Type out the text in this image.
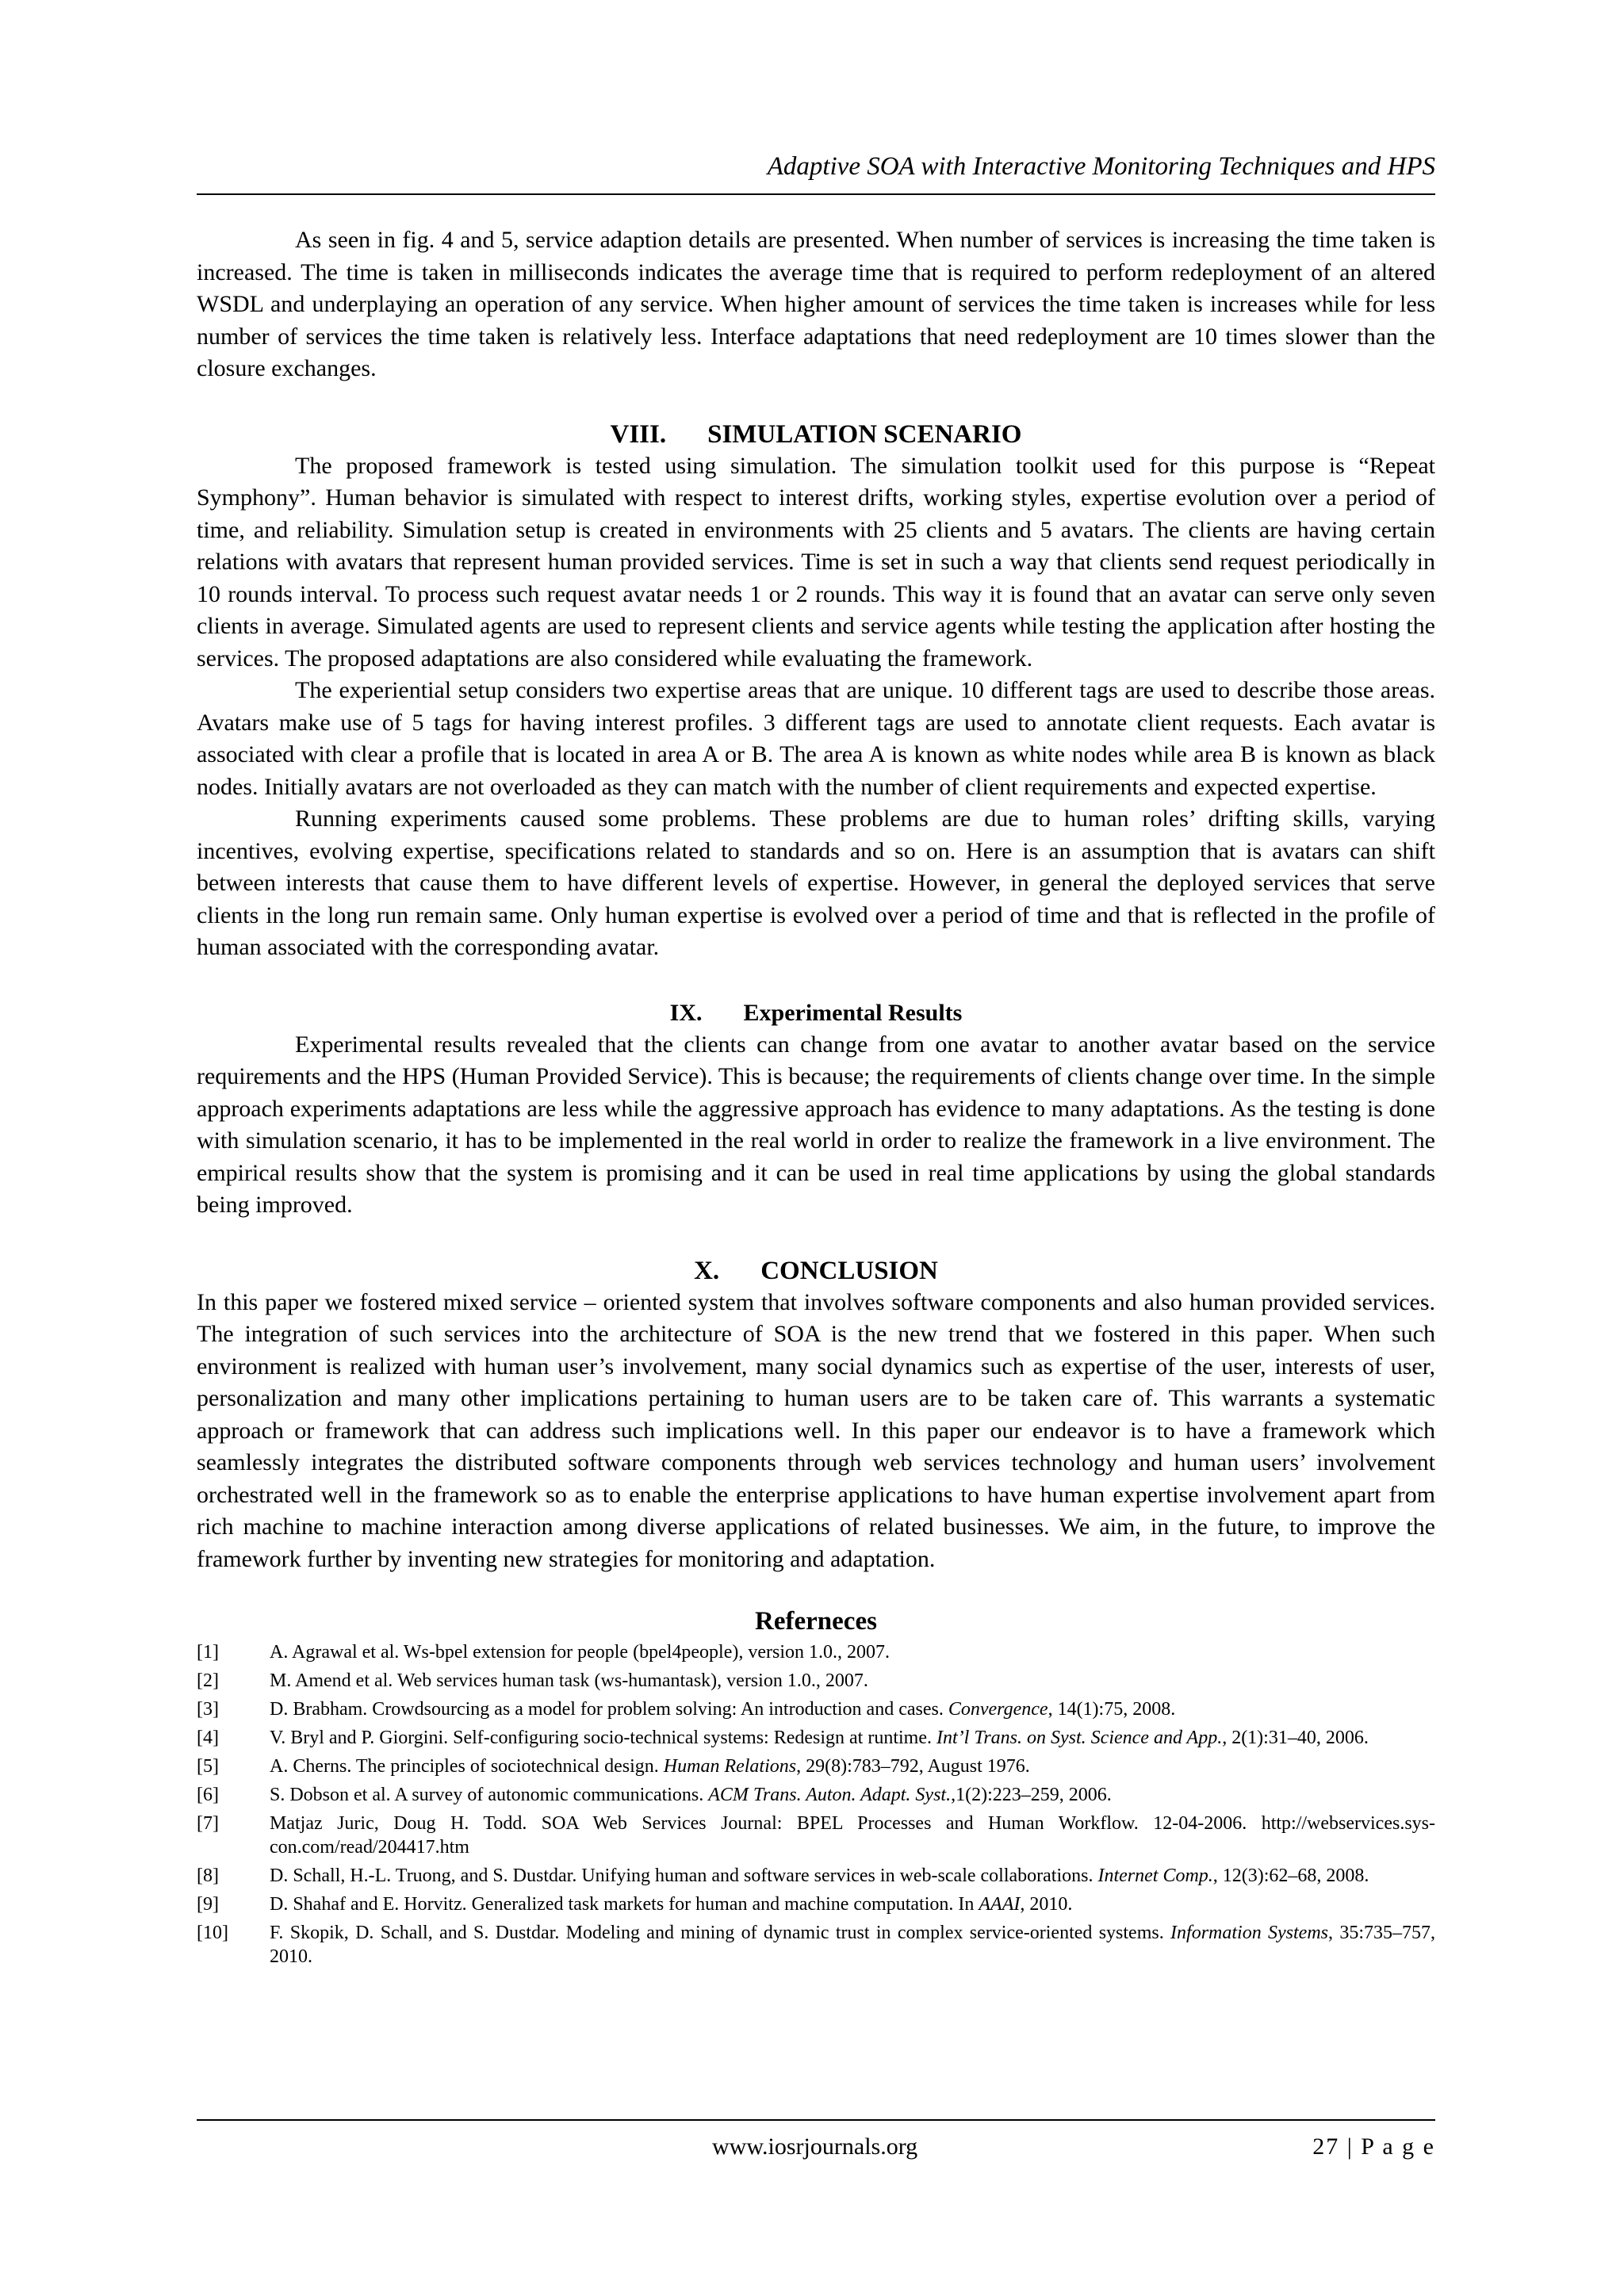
Adaptive SOA with Interactive Monitoring Techniques and HPS

As seen in fig. 4 and 5, service adaption details are presented. When number of services is increasing the time taken is increased. The time is taken in milliseconds indicates the average time that is required to perform redeployment of an altered WSDL and underplaying an operation of any service. When higher amount of services the time taken is increases while for less number of services the time taken is relatively less. Interface adaptations that need redeployment are 10 times slower than the closure exchanges.

VIII. SIMULATION SCENARIO

The proposed framework is tested using simulation. The simulation toolkit used for this purpose is “Repeat Symphony”. Human behavior is simulated with respect to interest drifts, working styles, expertise evolution over a period of time, and reliability. Simulation setup is created in environments with 25 clients and 5 avatars. The clients are having certain relations with avatars that represent human provided services. Time is set in such a way that clients send request periodically in 10 rounds interval. To process such request avatar needs 1 or 2 rounds. This way it is found that an avatar can serve only seven clients in average. Simulated agents are used to represent clients and service agents while testing the application after hosting the services. The proposed adaptations are also considered while evaluating the framework.

The experiential setup considers two expertise areas that are unique. 10 different tags are used to describe those areas. Avatars make use of 5 tags for having interest profiles. 3 different tags are used to annotate client requests. Each avatar is associated with clear a profile that is located in area A or B. The area A is known as white nodes while area B is known as black nodes. Initially avatars are not overloaded as they can match with the number of client requirements and expected expertise.

Running experiments caused some problems. These problems are due to human roles’ drifting skills, varying incentives, evolving expertise, specifications related to standards and so on. Here is an assumption that is avatars can shift between interests that cause them to have different levels of expertise. However, in general the deployed services that serve clients in the long run remain same. Only human expertise is evolved over a period of time and that is reflected in the profile of human associated with the corresponding avatar.

IX. Experimental Results

Experimental results revealed that the clients can change from one avatar to another avatar based on the service requirements and the HPS (Human Provided Service). This is because; the requirements of clients change over time. In the simple approach experiments adaptations are less while the aggressive approach has evidence to many adaptations. As the testing is done with simulation scenario, it has to be implemented in the real world in order to realize the framework in a live environment. The empirical results show that the system is promising and it can be used in real time applications by using the global standards being improved.

X. CONCLUSION

In this paper we fostered mixed service – oriented system that involves software components and also human provided services. The integration of such services into the architecture of SOA is the new trend that we fostered in this paper. When such environment is realized with human user’s involvement, many social dynamics such as expertise of the user, interests of user, personalization and many other implications pertaining to human users are to be taken care of. This warrants a systematic approach or framework that can address such implications well. In this paper our endeavor is to have a framework which seamlessly integrates the distributed software components through web services technology and human users’ involvement orchestrated well in the framework so as to enable the enterprise applications to have human expertise involvement apart from rich machine to machine interaction among diverse applications of related businesses. We aim, in the future, to improve the framework further by inventing new strategies for monitoring and adaptation.

Referneces
[1]	A. Agrawal et al. Ws-bpel extension for people (bpel4people), version 1.0., 2007.
[2]	M. Amend et al. Web services human task (ws-humantask), version 1.0., 2007.
[3]	D. Brabham. Crowdsourcing as a model for problem solving: An introduction and cases. Convergence, 14(1):75, 2008.
[4]	V. Bryl and P. Giorgini. Self-configuring socio-technical systems: Redesign at runtime. Int’l Trans. on Syst. Science and App., 2(1):31–40, 2006.
[5]	A. Cherns. The principles of sociotechnical design. Human Relations, 29(8):783–792, August 1976.
[6]	S. Dobson et al. A survey of autonomic communications. ACM Trans. Auton. Adapt. Syst.,1(2):223–259, 2006.
[7]	Matjaz Juric, Doug H. Todd. SOA Web Services Journal: BPEL Processes and Human Workflow. 12-04-2006. http://webservices.sys-con.com/read/204417.htm
[8]	D. Schall, H.-L. Truong, and S. Dustdar. Unifying human and software services in web-scale collaborations. Internet Comp., 12(3):62–68, 2008.
[9]	D. Shahaf and E. Horvitz. Generalized task markets for human and machine computation. In AAAI, 2010.
[10]	F. Skopik, D. Schall, and S. Dustdar. Modeling and mining of dynamic trust in complex service-oriented systems. Information Systems, 35:735–757, 2010.
www.iosrjournals.org	27 | P a g e
